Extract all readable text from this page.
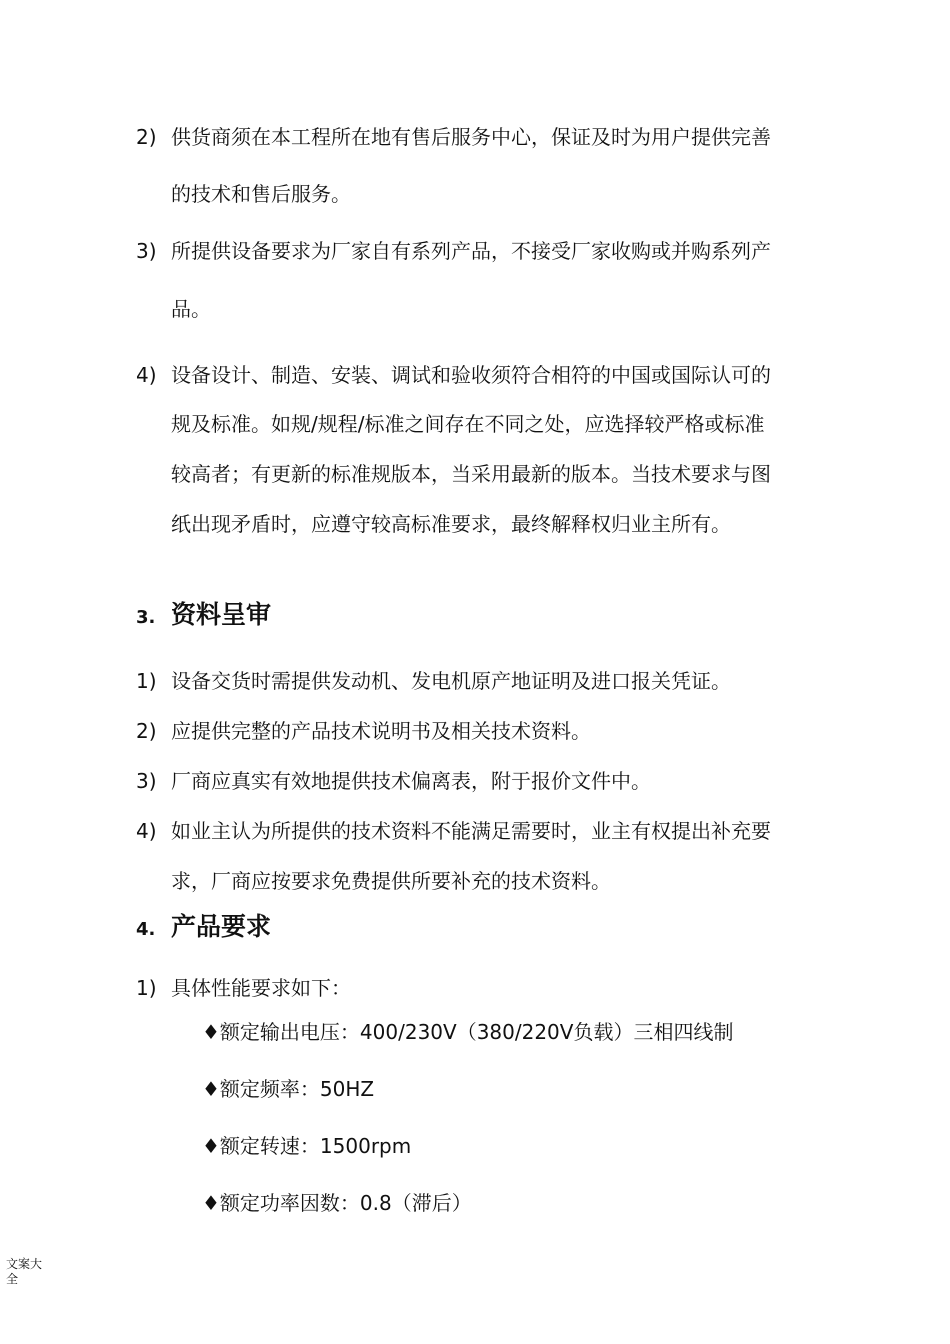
2) 供货商须在本工程所在地有售后服务中心，保证及时为用户提供完善
的技术和售后服务。
3) 所提供设备要求为厂家自有系列产品，不接受厂家收购或并购系列产
品。
4) 设备设计、制造、安装、调试和验收须符合相符的中国或国际认可的
规及标准。如规/规程/标准之间存在不同之处，应选择较严格或标准
较高者；有更新的标准规版本，当采用最新的版本。当技术要求与图
纸出现矛盾时，应遵守较高标准要求，最终解释权归业主所有。
3. 资料呈审
1) 设备交货时需提供发动机、发电机原产地证明及进口报关凭证。
2) 应提供完整的产品技术说明书及相关技术资料。
3) 厂商应真实有效地提供技术偏离表，附于报价文件中。
4) 如业主认为所提供的技术资料不能满足需要时，业主有权提出补充要
求，厂商应按要求免费提供所要补充的技术资料。
4. 产品要求
1) 具体性能要求如下：
♦额定输出电压：400/230V（380/220V负载）三相四线制
♦额定频率：50HZ
♦额定转速：1500rpm
♦额定功率因数：0.8（滞后）
文案大
全
